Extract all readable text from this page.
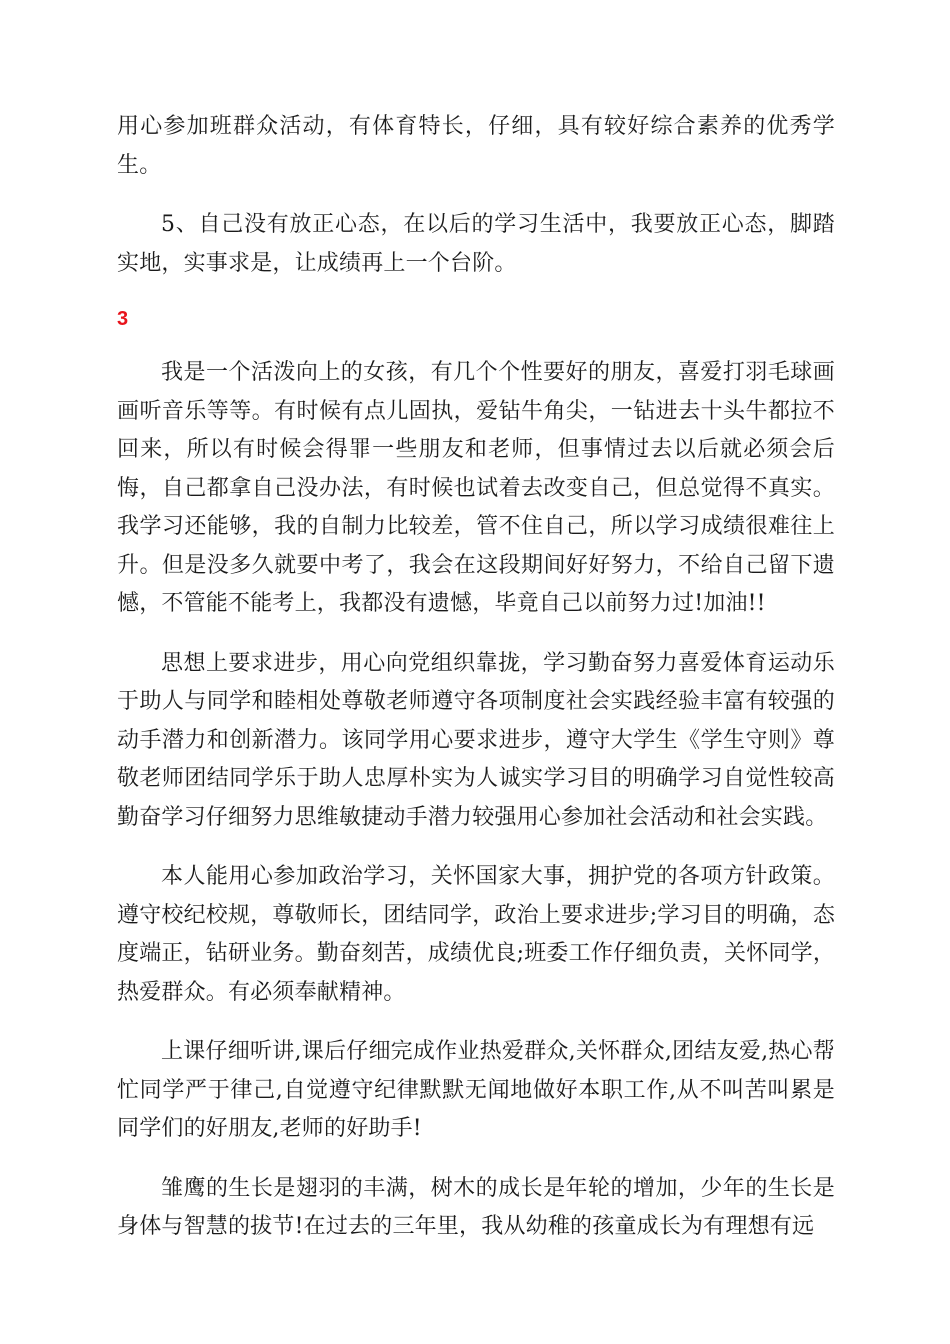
用心参加班群众活动，有体育特长，仔细，具有较好综合素养的优秀学生。

5、自己没有放正心态，在以后的学习生活中，我要放正心态，脚踏实地，实事求是，让成绩再上一个台阶。

3

我是一个活泼向上的女孩，有几个个性要好的朋友，喜爱打羽毛球画画听音乐等等。有时候有点儿固执，爱钻牛角尖，一钻进去十头牛都拉不回来，所以有时候会得罪一些朋友和老师，但事情过去以后就必须会后悔，自己都拿自己没办法，有时候也试着去改变自己，但总觉得不真实。我学习还能够，我的自制力比较差，管不住自己，所以学习成绩很难往上升。但是没多久就要中考了，我会在这段期间好好努力，不给自己留下遗憾，不管能不能考上，我都没有遗憾，毕竟自己以前努力过!加油!!

思想上要求进步，用心向党组织靠拢，学习勤奋努力喜爱体育运动乐于助人与同学和睦相处尊敬老师遵守各项制度社会实践经验丰富有较强的动手潜力和创新潜力。该同学用心要求进步，遵守大学生《学生守则》尊敬老师团结同学乐于助人忠厚朴实为人诚实学习目的明确学习自觉性较高勤奋学习仔细努力思维敏捷动手潜力较强用心参加社会活动和社会实践。

本人能用心参加政治学习，关怀国家大事，拥护党的各项方针政策。遵守校纪校规，尊敬师长，团结同学，政治上要求进步;学习目的明确，态度端正，钻研业务。勤奋刻苦，成绩优良;班委工作仔细负责，关怀同学，热爱群众。有必须奉献精神。

上课仔细听讲,课后仔细完成作业热爱群众,关怀群众,团结友爱,热心帮忙同学严于律己,自觉遵守纪律默默无闻地做好本职工作,从不叫苦叫累是同学们的好朋友,老师的好助手!

雏鹰的生长是翅羽的丰满，树木的成长是年轮的增加，少年的生长是身体与智慧的拔节!在过去的三年里，我从幼稚的孩童成长为有理想有远
